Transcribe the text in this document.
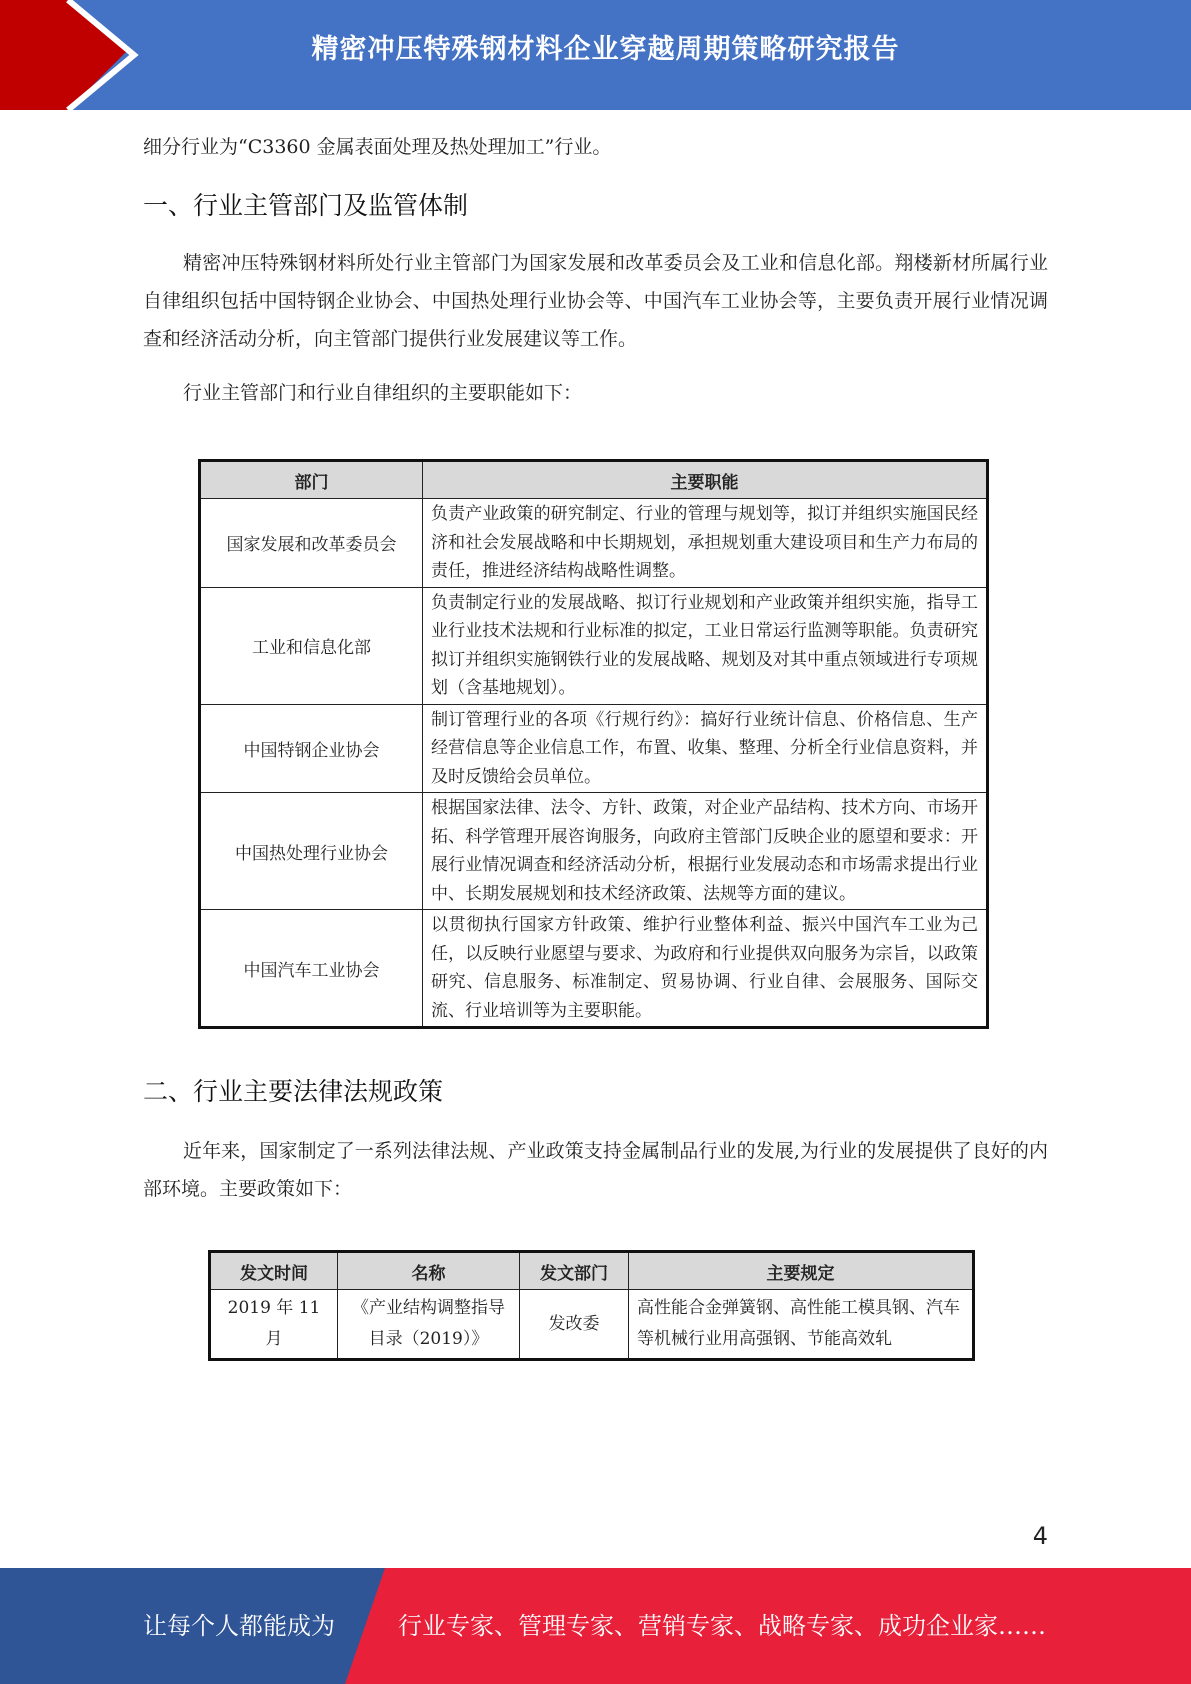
精密冲压特殊钢材料企业穿越周期策略研究报告

细分行业为“C3360 金属表面处理及热处理加工”行业。

一、行业主管部门及监管体制

精密冲压特殊钢材料所处行业主管部门为国家发展和改革委员会及工业和信息化部。翔楼新材所属行业自律组织包括中国特钢企业协会、中国热处理行业协会等、中国汽车工业协会等，主要负责开展行业情况调查和经济活动分析，向主管部门提供行业发展建议等工作。

行业主管部门和行业自律组织的主要职能如下：

部门	主要职能
国家发展和改革委员会	负责产业政策的研究制定、行业的管理与规划等，拟订并组织实施国民经济和社会发展战略和中长期规划，承担规划重大建设项目和生产力布局的责任，推进经济结构战略性调整。
工业和信息化部	负责制定行业的发展战略、拟订行业规划和产业政策并组织实施，指导工业行业技术法规和行业标准的拟定，工业日常运行监测等职能。负责研究拟订并组织实施钢铁行业的发展战略、规划及对其中重点领域进行专项规划（含基地规划）。
中国特钢企业协会	制订管理行业的各项《行规行约》：搞好行业统计信息、价格信息、生产经营信息等企业信息工作，布置、收集、整理、分析全行业信息资料，并及时反馈给会员单位。
中国热处理行业协会	根据国家法律、法令、方针、政策，对企业产品结构、技术方向、市场开拓、科学管理开展咨询服务，向政府主管部门反映企业的愿望和要求：开展行业情况调查和经济活动分析，根据行业发展动态和市场需求提出行业中、长期发展规划和技术经济政策、法规等方面的建议。
中国汽车工业协会	以贯彻执行国家方针政策、维护行业整体利益、振兴中国汽车工业为己任，以反映行业愿望与要求、为政府和行业提供双向服务为宗旨，以政策研究、信息服务、标准制定、贸易协调、行业自律、会展服务、国际交流、行业培训等为主要职能。
二、行业主要法律法规政策

近年来，国家制定了一系列法律法规、产业政策支持金属制品行业的发展,为行业的发展提供了良好的内部环境。主要政策如下：

发文时间	名称	发文部门	主要规定
2019 年 11 月	《产业结构调整指导目录（2019）》	发改委	高性能合金弹簧钢、高性能工模具钢、汽车等机械行业用高强钢、节能高效轧
4
让每个人都能成为	行业专家、管理专家、营销专家、战略专家、成功企业家……
